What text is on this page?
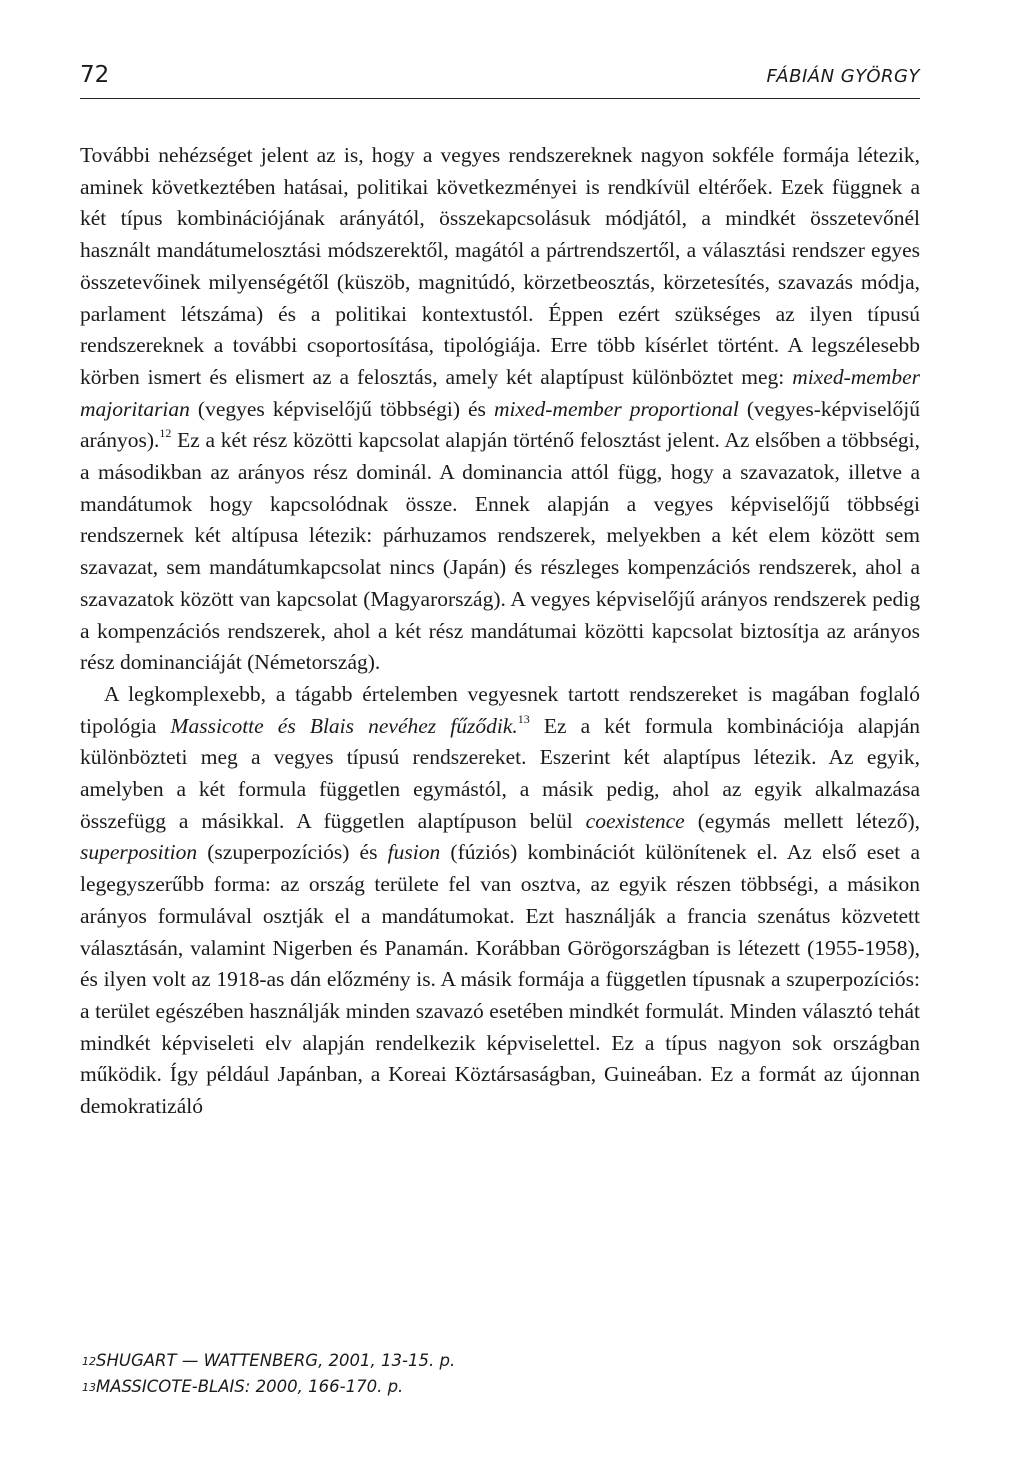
72	FÁBIÁN GYÖRGY

További nehézséget jelent az is, hogy a vegyes rendszereknek nagyon sokféle formája létezik, aminek következtében hatásai, politikai következményei is rendkívül eltérőek. Ezek függnek a két típus kombinációjának arányától, összekapcsolásuk módjától, a mindkét összetevőnél használt mandátumelosztási módszerektől, magától a pártrendszertől, a választási rendszer egyes összetevőinek milyenségétől (küszöb, magnitúdó, körzetbeosztás, körzetesítés, szavazás módja, parlament létszáma) és a politikai kontextustól. Éppen ezért szükséges az ilyen típusú rendszereknek a további csoportosítása, tipológiája. Erre több kísérlet történt. A legszélesebb körben ismert és elismert az a felosztás, amely két alaptípust különböztet meg: mixed-member majoritarian (vegyes képviselőjű többségi) és mixed-member proportional (vegyes-képviselőjű arányos).$^{12}$ Ez a két rész közötti kapcsolat alapján történő felosztást jelent. Az elsőben a többségi, a másodikban az arányos rész dominál. A dominancia attól függ, hogy a szavazatok, illetve a mandátumok hogy kapcsolódnak össze. Ennek alapján a vegyes képviselőjű többségi rendszernek két altípusa létezik: párhuzamos rendszerek, melyekben a két elem között sem szavazat, sem mandátumkapcsolat nincs (Japán) és részleges kompenzációs rendszerek, ahol a szavazatok között van kapcsolat (Magyarország). A vegyes képviselőjű arányos rendszerek pedig a kompenzációs rendszerek, ahol a két rész mandátumai közötti kapcsolat biztosítja az arányos rész dominanciáját (Németország).

A legkomplexebb, a tágabb értelemben vegyesnek tartott rendszereket is magában foglaló tipológia Massicotte és Blais nevéhez fűződik.$^{13}$ Ez a két formula kombinációja alapján különbözteti meg a vegyes típusú rendszereket. Eszerint két alaptípus létezik. Az egyik, amelyben a két formula független egymástól, a másik pedig, ahol az egyik alkalmazása összefügg a másikkal. A független alaptípuson belül coexistence (egymás mellett létező), superposition (szuperpozíciós) és fusion (fúziós) kombinációt különítenek el. Az első eset a legegyszerűbb forma: az ország területe fel van osztva, az egyik részen többségi, a másikon arányos formulával osztják el a mandátumokat. Ezt használják a francia szenátus közvetett választásán, valamint Nigerben és Panamán. Korábban Görögországban is létezett (1955-1958), és ilyen volt az 1918-as dán előzmény is. A másik formája a független típusnak a szuperpozíciós: a terület egészében használják minden szavazó esetében mindkét formulát. Minden választó tehát mindkét képviseleti elv alapján rendelkezik képviselettel. Ez a típus nagyon sok országban működik. Így például Japánban, a Koreai Köztársaságban, Guineában. Ez a formát az újonnan demokratizáló

$^{12}$SHUGART — WATTENBERG, 2001, 13-15. p.
$^{13}$MASSICOTE-BLAIS: 2000, 166-170. p.
